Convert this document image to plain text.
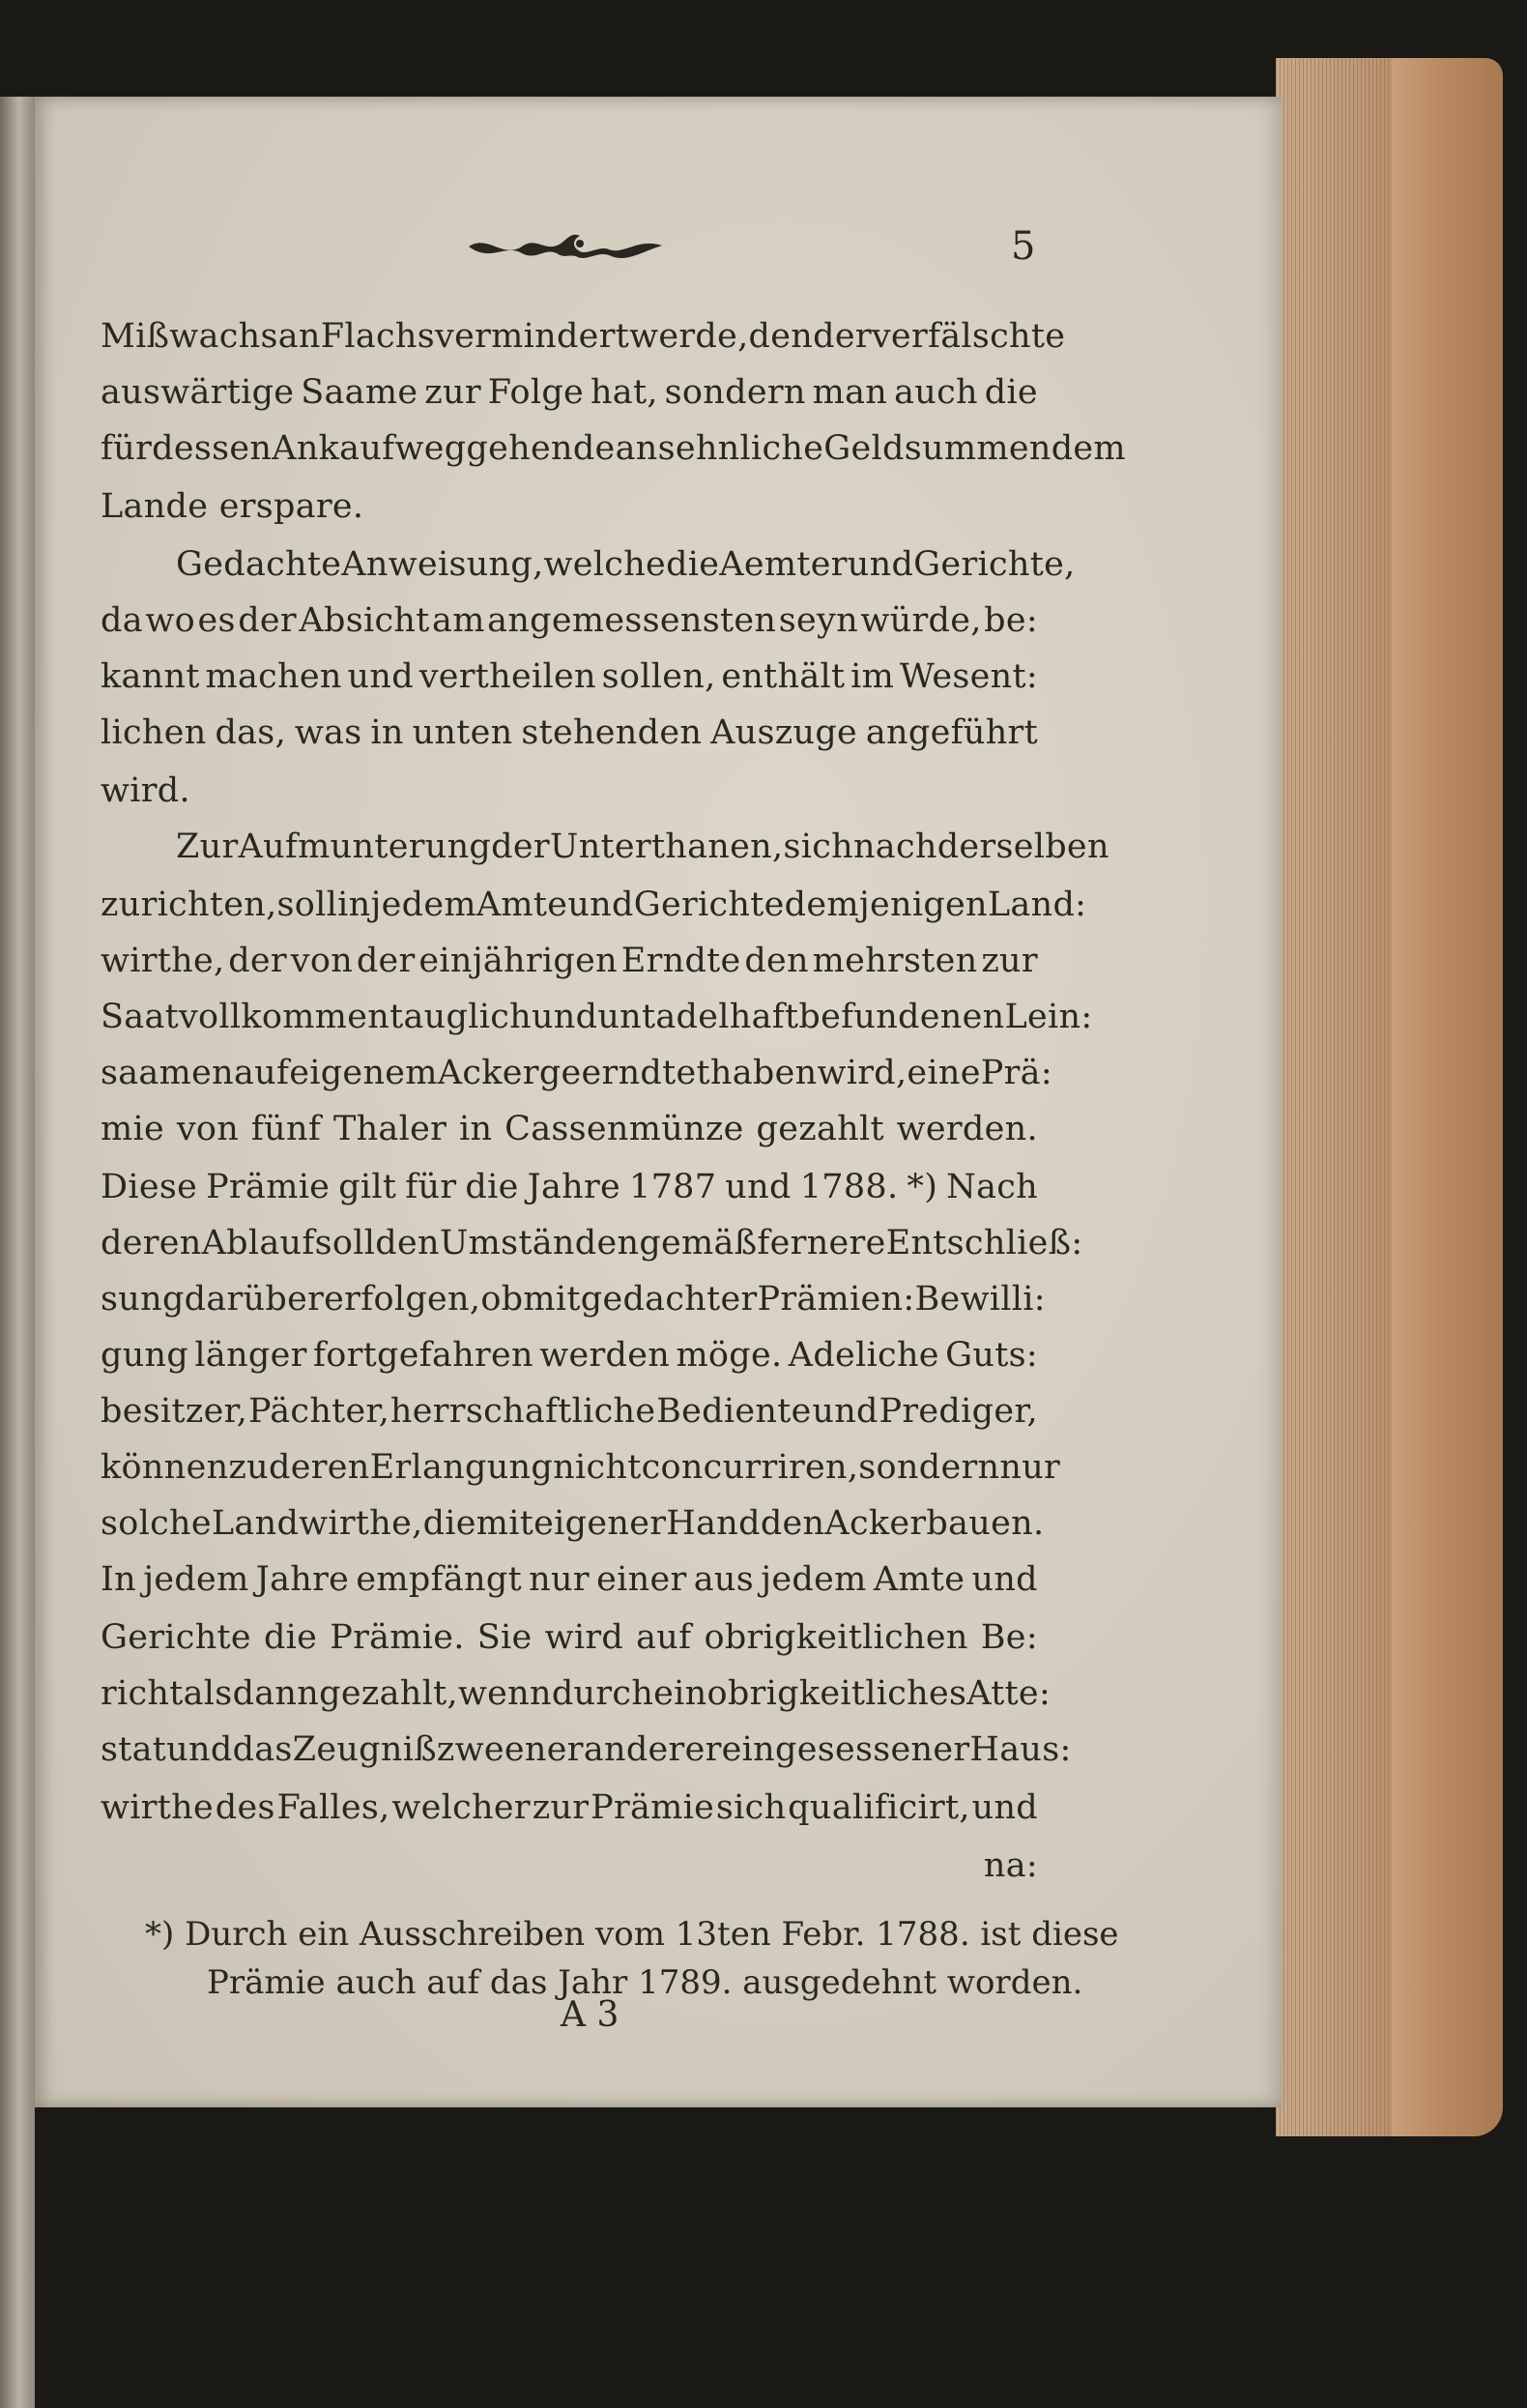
5
Mißwachs an Flachs vermindert werde, den der verfälschte
auswärtige Saame zur Folge hat, sondern man auch die
für dessen Ankauf weggehende ansehnliche Geldsummen dem
Lande erspare.
Gedachte Anweisung, welche die Aemter und Gerichte,
da wo es der Absicht am angemessensten seyn würde, be:
kannt machen und vertheilen sollen, enthält im Wesent:
lichen das, was in unten stehenden Auszuge angeführt
wird.
Zur Aufmunterung der Unterthanen, sich nach derselben
zu richten, soll in jedem Amte und Gerichte demjenigen Land:
wirthe, der von der einjährigen Erndte den mehrsten zur
Saat vollkommen tauglich und untadelhaft befundenen Lein:
saamen auf eigenem Acker geerndtet haben wird, eine Prä:
mie von fünf Thaler in Cassenmünze gezahlt werden.
Diese Prämie gilt für die Jahre 1787 und 1788. *) Nach
deren Ablauf soll den Umständen gemäß fernere Entschließ:
sung darüber erfolgen, ob mit gedachter Prämien: Bewilli:
gung länger fortgefahren werden möge. Adeliche Guts:
besitzer, Pächter, herrschaftliche Bediente und Prediger,
können zu deren Erlangung nicht concurriren, sondern nur
solche Landwirthe, die mit eigener Hand den Acker bauen.
In jedem Jahre empfängt nur einer aus jedem Amte und
Gerichte die Prämie. Sie wird auf obrigkeitlichen Be:
richt alsdann gezahlt, wenn durch ein obrigkeitliches Atte:
stat und das Zeugniß zweener anderer eingesessener Haus:
wirthe des Falles, welcher zur Prämie sich qualificirt, und
na:
*) Durch ein Ausschreiben vom 13ten Febr. 1788. ist diese
Prämie auch auf das Jahr 1789. ausgedehnt worden.
A 3
